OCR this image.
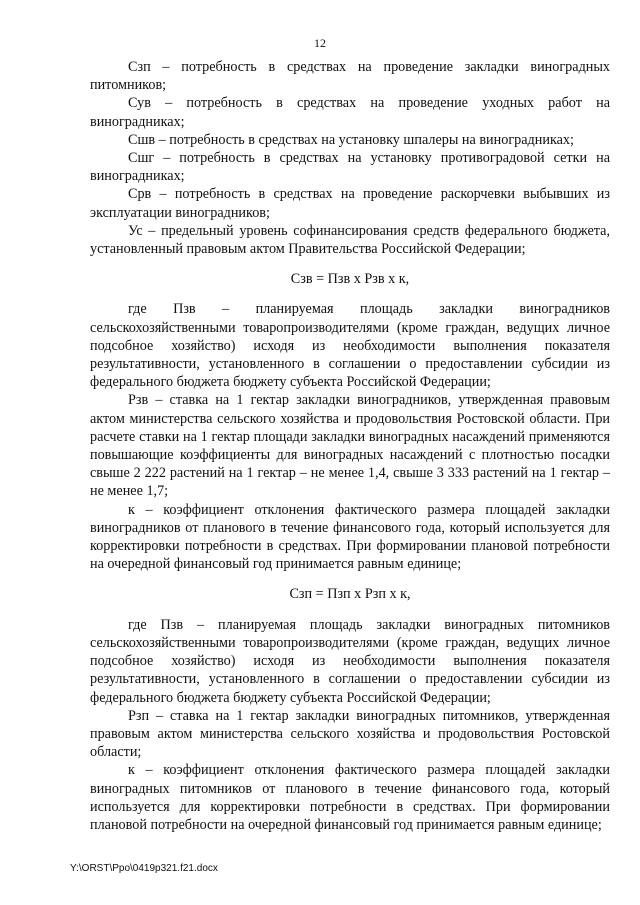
12

Сзп – потребность в средствах на проведение закладки виноградных питомников;

Сув – потребность в средствах на проведение уходных работ на виноградниках;

Сшв – потребность в средствах на установку шпалеры на виноградниках;

Сшг – потребность в средствах на установку противоградовой сетки на виноградниках;

Срв – потребность в средствах на проведение раскорчевки выбывших из эксплуатации виноградников;

Ус – предельный уровень софинансирования средств федерального бюджета, установленный правовым актом Правительства Российской Федерации;

Сзв = Пзв х Рзв х к,

где Пзв – планируемая площадь закладки виноградников сельскохозяйственными товаропроизводителями (кроме граждан, ведущих личное подсобное хозяйство) исходя из необходимости выполнения показателя результативности, установленного в соглашении о предоставлении субсидии из федерального бюджета бюджету субъекта Российской Федерации;

Рзв – ставка на 1 гектар закладки виноградников, утвержденная правовым актом министерства сельского хозяйства и продовольствия Ростовской области. При расчете ставки на 1 гектар площади закладки виноградных насаждений применяются повышающие коэффициенты для виноградных насаждений с плотностью посадки свыше 2 222 растений на 1 гектар – не менее 1,4, свыше 3 333 растений на 1 гектар – не менее 1,7;

к – коэффициент отклонения фактического размера площадей закладки виноградников от планового в течение финансового года, который используется для корректировки потребности в средствах. При формировании плановой потребности на очередной финансовый год принимается равным единице;

Сзп = Пзп х Рзп х к,

где Пзв – планируемая площадь закладки виноградных питомников сельскохозяйственными товаропроизводителями (кроме граждан, ведущих личное подсобное хозяйство) исходя из необходимости выполнения показателя результативности, установленного в соглашении о предоставлении субсидии из федерального бюджета бюджету субъекта Российской Федерации;

Рзп – ставка на 1 гектар закладки виноградных питомников, утвержденная правовым актом министерства сельского хозяйства и продовольствия Ростовской области;

к – коэффициент отклонения фактического размера площадей закладки виноградных питомников от планового в течение финансового года, который используется для корректировки потребности в средствах. При формировании плановой потребности на очередной финансовый год принимается равным единице;

Y:\ORST\Ppo\0419p321.f21.docx
